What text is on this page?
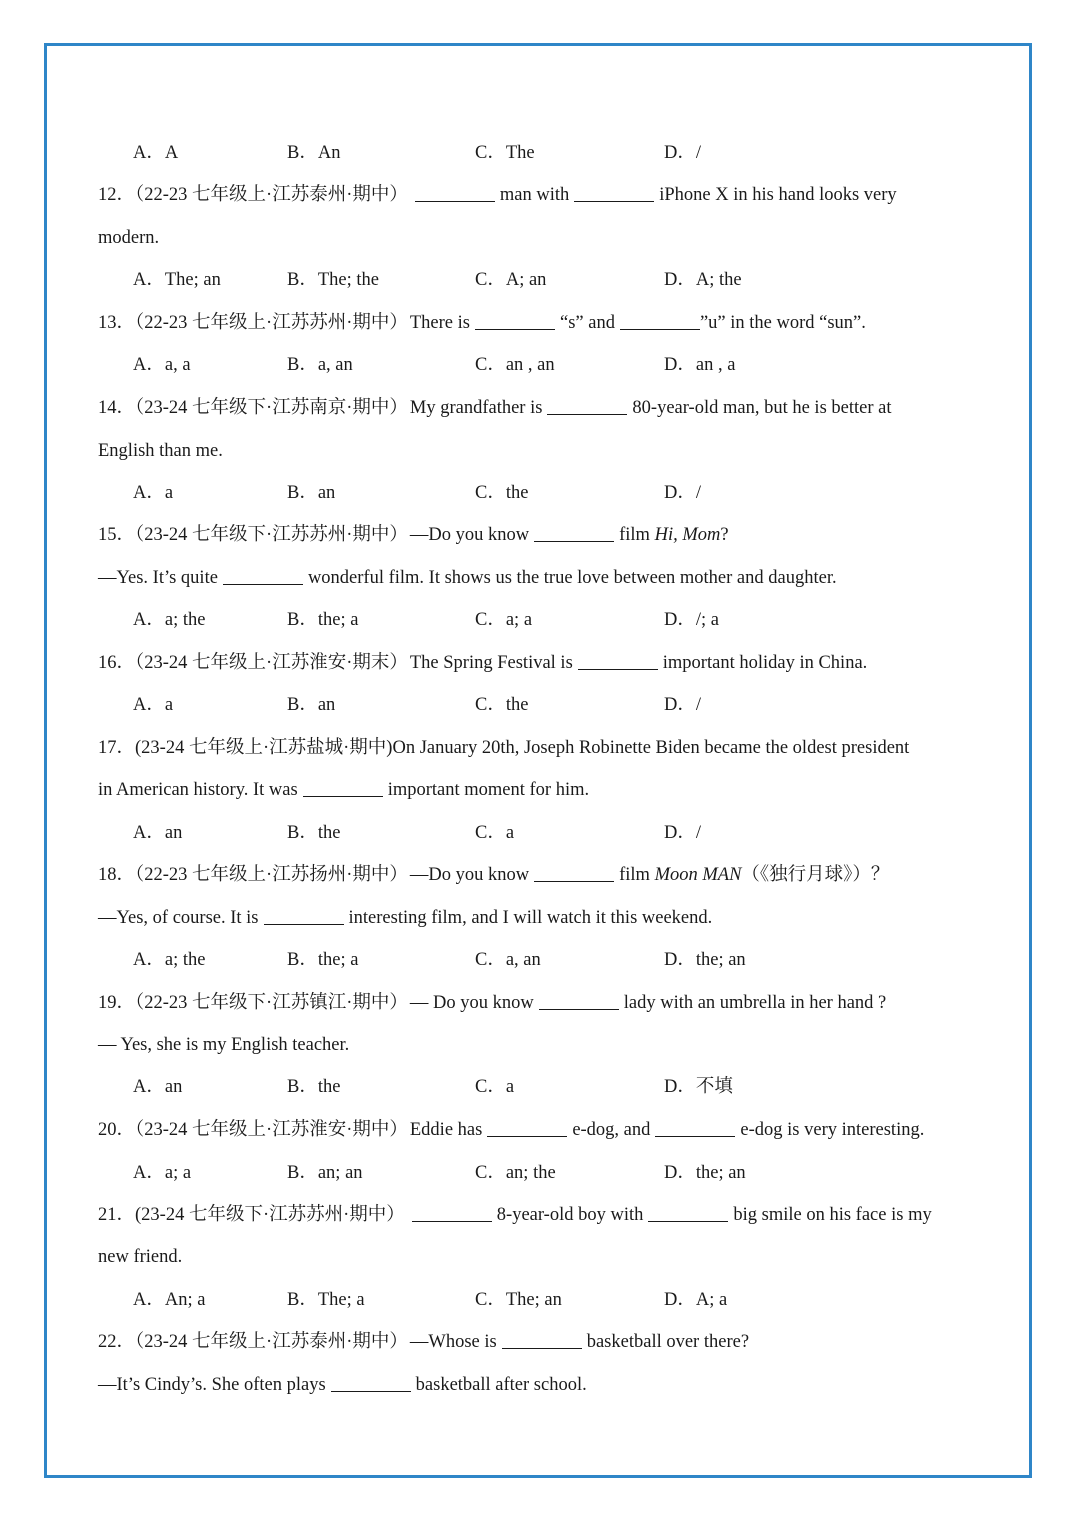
A．A	B．An	C．The	D．/
12．（22-23 七年级上·江苏泰州·期中）	man with	iPhone X in his hand looks very
modern.
A．The; an	B．The; the	C．A; an	D．A; the
13．（22-23 七年级上·江苏苏州·期中） There is	“s” and	”u” in the word “sun”.
A．a, a	B．a, an	C．an , an	D．an , a
14．（23-24 七年级下·江苏南京·期中） My grandfather is	80-year-old man, but he is better at
English than me.
A．a	B．an	C．the	D．/
15．（23-24 七年级下·江苏苏州·期中） —Do you know	film Hi, Mom?
—Yes. It’s quite	wonderful film. It shows us the true love between mother and daughter.
A．a; the	B．the; a	C．a; a	D．/; a
16．（23-24 七年级上·江苏淮安·期末） The Spring Festival is	important holiday in China.
A．a	B．an	C．the	D．/
17．(23-24 七年级上·江苏盐城·期中)On January 20th, Joseph Robinette Biden became the oldest president
in American history. It was	important moment for him.
A．an	B．the	C．a	D．/
18．（22-23 七年级上·江苏扬州·期中） —Do you know	film Moon MAN（《独行月球》）？
—Yes, of course. It is	interesting film, and I will watch it this weekend.
A．a; the	B．the; a	C．a, an	D．the; an
19．（22-23 七年级下·江苏镇江·期中） — Do you know	lady with an umbrella in her hand ?
— Yes, she is my English teacher.
A．an	B．the	C．a	D．不填
20．（23-24 七年级上·江苏淮安·期中） Eddie has	e-dog, and	e-dog is very interesting.
A．a; a	B．an; an	C．an; the	D．the; an
21．(23-24 七年级下·江苏苏州·期中）	8-year-old boy with	big smile on his face is my
new friend.
A．An; a	B．The; a	C．The; an	D．A; a
22．（23-24 七年级上·江苏泰州·期中） —Whose is	basketball over there?
—It’s Cindy’s. She often plays	basketball after school.
